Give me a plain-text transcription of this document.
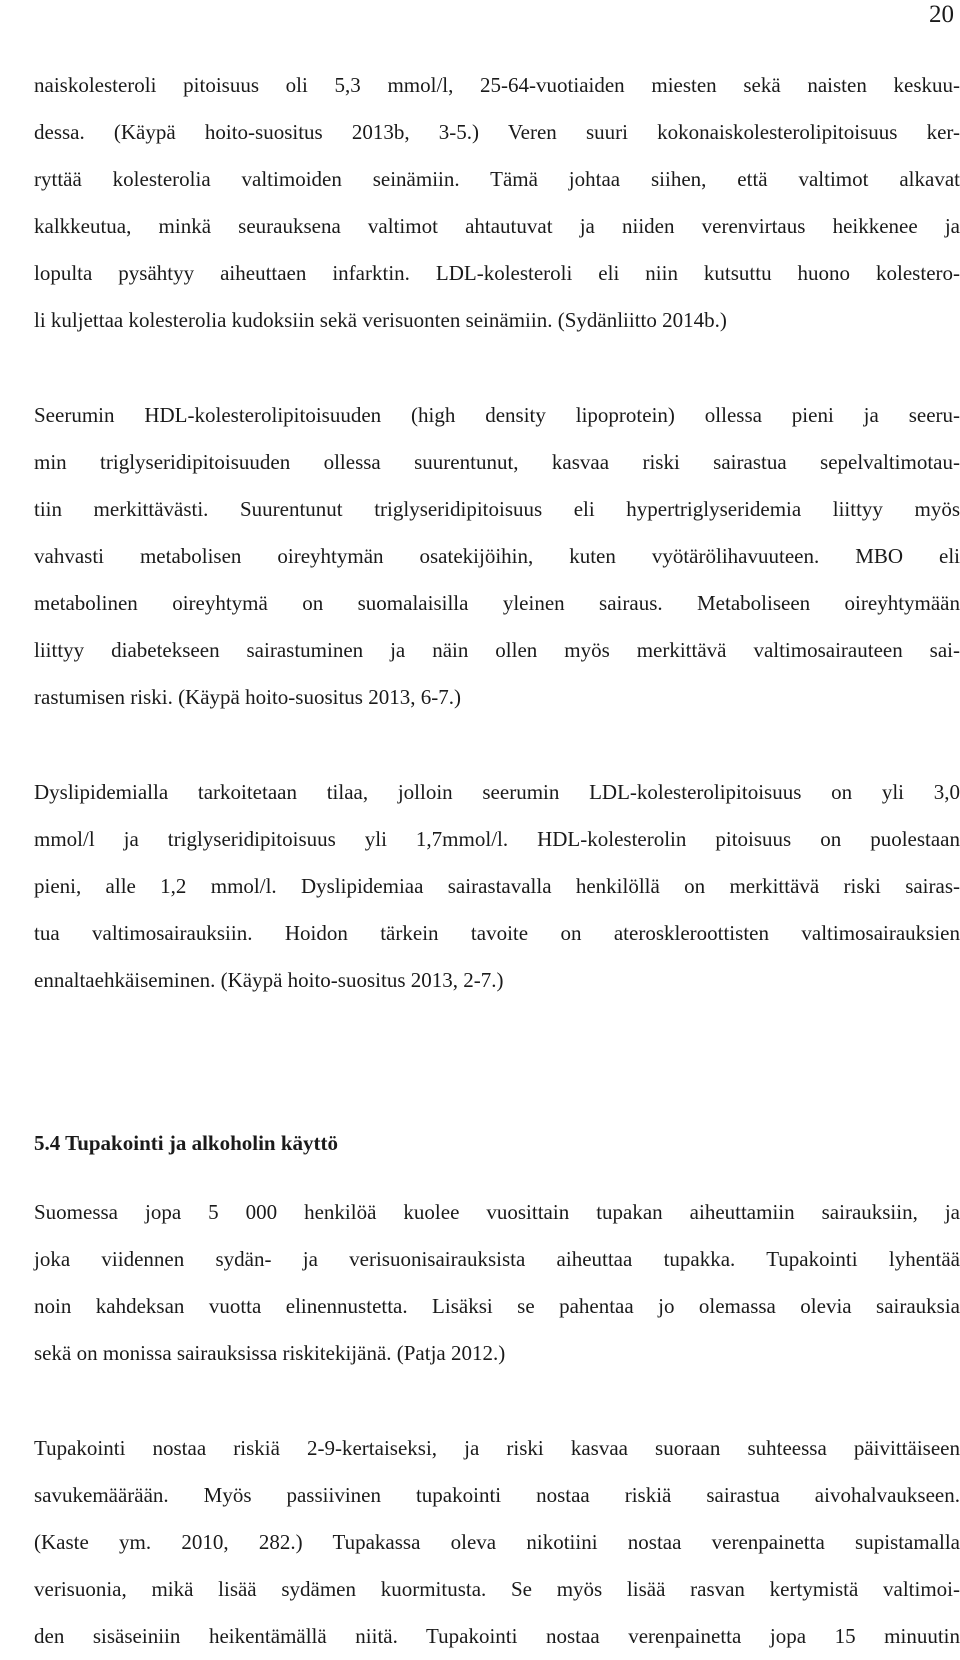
20

naiskolesteroli pitoisuus oli 5,3 mmol/l, 25-64-vuotiaiden miesten sekä naisten keskuu-
dessa. (Käypä hoito-suositus 2013b, 3-5.) Veren suuri kokonaiskolesterolipitoisuus ker-
ryttää kolesterolia valtimoiden seinämiin. Tämä johtaa siihen, että valtimot alkavat
kalkkeutua, minkä seurauksena valtimot ahtautuvat ja niiden verenvirtaus heikkenee ja
lopulta pysähtyy aiheuttaen infarktin. LDL-kolesteroli eli niin kutsuttu huono kolestero-
li kuljettaa kolesterolia kudoksiin sekä verisuonten seinämiin. (Sydänliitto 2014b.)

Seerumin HDL-kolesterolipitoisuuden (high density lipoprotein) ollessa pieni ja seeru-
min triglyseridipitoisuuden ollessa suurentunut, kasvaa riski sairastua sepelvaltimotau-
tiin merkittävästi. Suurentunut triglyseridipitoisuus eli hypertriglyseridemia liittyy myös
vahvasti metabolisen oireyhtymän osatekijöihin, kuten vyötärölihavuuteen. MBO eli
metabolinen oireyhtymä on suomalaisilla yleinen sairaus. Metaboliseen oireyhtymään
liittyy diabetekseen sairastuminen ja näin ollen myös merkittävä valtimosairauteen sai-
rastumisen riski. (Käypä hoito-suositus 2013, 6-7.)

Dyslipidemialla tarkoitetaan tilaa, jolloin seerumin LDL-kolesterolipitoisuus on yli 3,0
mmol/l ja triglyseridipitoisuus yli 1,7mmol/l. HDL-kolesterolin pitoisuus on puolestaan
pieni, alle 1,2 mmol/l. Dyslipidemiaa sairastavalla henkilöllä on merkittävä riski sairas-
tua valtimosairauksiin. Hoidon tärkein tavoite on ateroskleroottisten valtimosairauksien
ennaltaehkäiseminen. (Käypä hoito-suositus 2013, 2-7.)

5.4 Tupakointi ja alkoholin käyttö

Suomessa jopa 5 000 henkilöä kuolee vuosittain tupakan aiheuttamiin sairauksiin, ja
joka viidennen sydän- ja verisuonisairauksista aiheuttaa tupakka. Tupakointi lyhentää
noin kahdeksan vuotta elinennustetta. Lisäksi se pahentaa jo olemassa olevia sairauksia
sekä on monissa sairauksissa riskitekijänä. (Patja 2012.)

Tupakointi nostaa riskiä 2-9-kertaiseksi, ja riski kasvaa suoraan suhteessa päivittäiseen
savukemäärään. Myös passiivinen tupakointi nostaa riskiä sairastua aivohalvaukseen.
(Kaste ym. 2010, 282.) Tupakassa oleva nikotiini nostaa verenpainetta supistamalla
verisuonia, mikä lisää sydämen kuormitusta. Se myös lisää rasvan kertymistä valtimoi-
den sisäseiniin heikentämällä niitä. Tupakointi nostaa verenpainetta jopa 15 minuutin
